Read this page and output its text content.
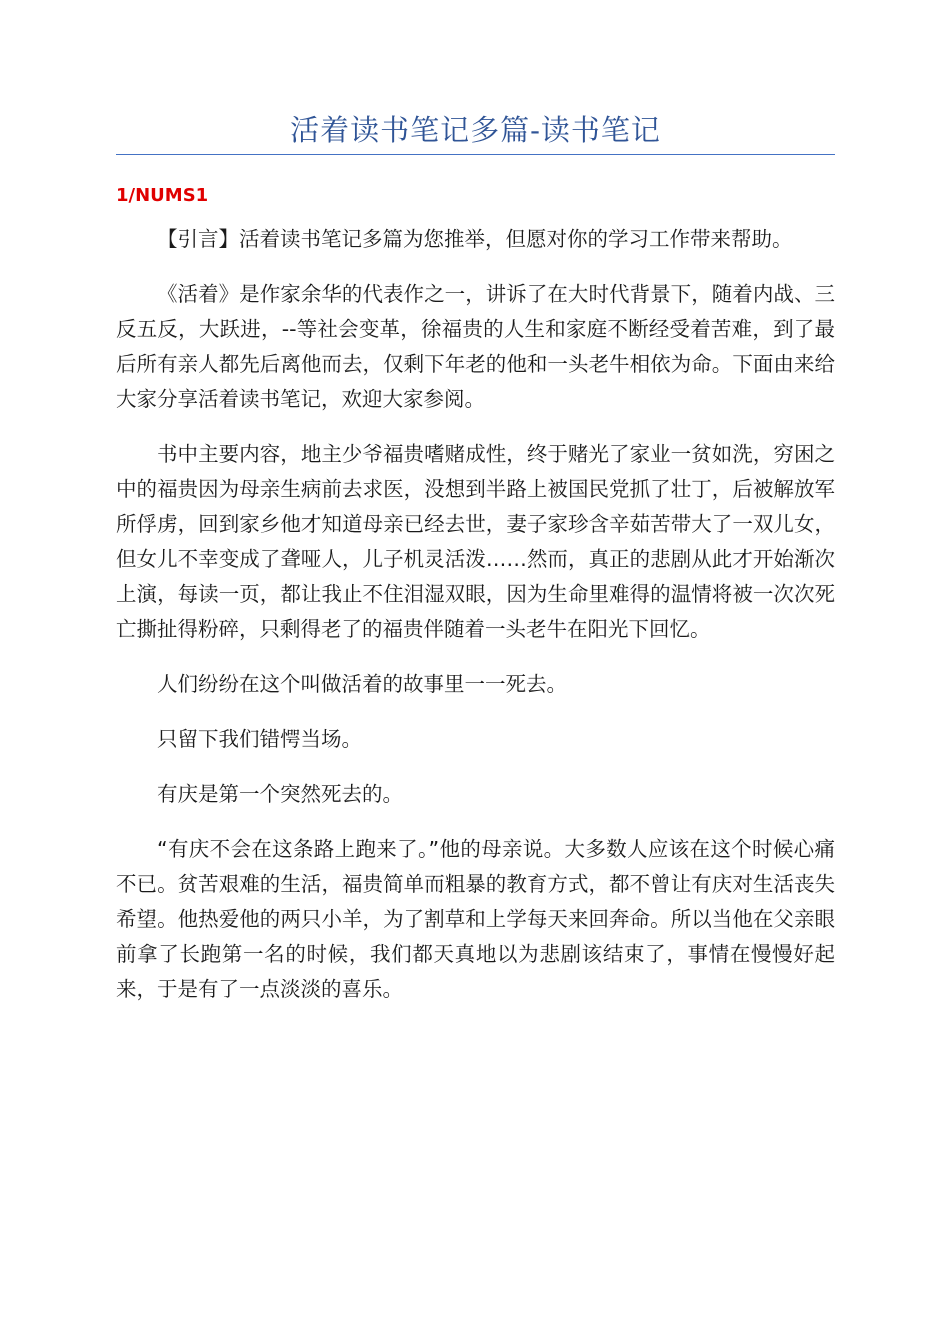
活着读书笔记多篇-读书笔记
1/NUMS1

【引言】活着读书笔记多篇为您推举，但愿对你的学习工作带来帮助。

《活着》是作家余华的代表作之一，讲诉了在大时代背景下，随着内战、三反五反，大跃进，--等社会变革，徐福贵的人生和家庭不断经受着苦难，到了最后所有亲人都先后离他而去，仅剩下年老的他和一头老牛相依为命。下面由来给大家分享活着读书笔记，欢迎大家参阅。

书中主要内容，地主少爷福贵嗜赌成性，终于赌光了家业一贫如洗，穷困之中的福贵因为母亲生病前去求医，没想到半路上被国民党抓了壮丁，后被解放军所俘虏，回到家乡他才知道母亲已经去世，妻子家珍含辛茹苦带大了一双儿女，但女儿不幸变成了聋哑人，儿子机灵活泼……然而，真正的悲剧从此才开始渐次上演，每读一页，都让我止不住泪湿双眼，因为生命里难得的温情将被一次次死亡撕扯得粉碎，只剩得老了的福贵伴随着一头老牛在阳光下回忆。

人们纷纷在这个叫做活着的故事里一一死去。

只留下我们错愕当场。

有庆是第一个突然死去的。

“有庆不会在这条路上跑来了。”他的母亲说。大多数人应该在这个时候心痛不已。贫苦艰难的生活，福贵简单而粗暴的教育方式，都不曾让有庆对生活丧失希望。他热爱他的两只小羊，为了割草和上学每天来回奔命。所以当他在父亲眼前拿了长跑第一名的时候，我们都天真地以为悲剧该结束了，事情在慢慢好起来，于是有了一点淡淡的喜乐。
